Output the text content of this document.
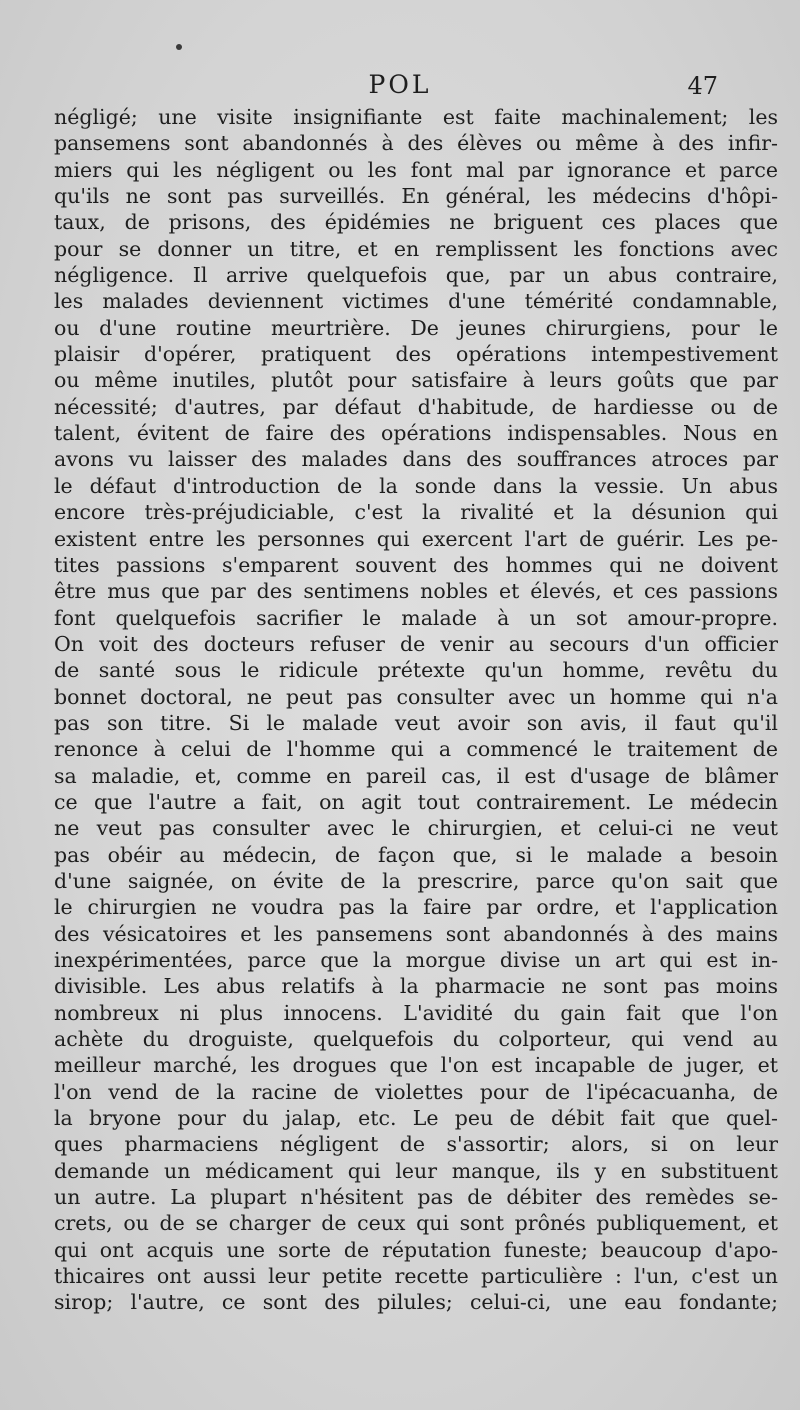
POL	47
négligé; une visite insignifiante est faite machinalement; les
pansemens sont abandonnés à des élèves ou même à des infir-
miers qui les négligent ou les font mal par ignorance et parce
qu'ils ne sont pas surveillés. En général, les médecins d'hôpi-
taux, de prisons, des épidémies ne briguent ces places que
pour se donner un titre, et en remplissent les fonctions avec
négligence. Il arrive quelquefois que, par un abus contraire,
les malades deviennent victimes d'une témérité condamnable,
ou d'une routine meurtrière. De jeunes chirurgiens, pour le
plaisir d'opérer, pratiquent des opérations intempestivement
ou même inutiles, plutôt pour satisfaire à leurs goûts que par
nécessité; d'autres, par défaut d'habitude, de hardiesse ou de
talent, évitent de faire des opérations indispensables. Nous en
avons vu laisser des malades dans des souffrances atroces par
le défaut d'introduction de la sonde dans la vessie. Un abus
encore très-préjudiciable, c'est la rivalité et la désunion qui
existent entre les personnes qui exercent l'art de guérir. Les pe-
tites passions s'emparent souvent des hommes qui ne doivent
être mus que par des sentimens nobles et élevés, et ces passions
font quelquefois sacrifier le malade à un sot amour-propre.
On voit des docteurs refuser de venir au secours d'un officier
de santé sous le ridicule prétexte qu'un homme, revêtu du
bonnet doctoral, ne peut pas consulter avec un homme qui n'a
pas son titre. Si le malade veut avoir son avis, il faut qu'il
renonce à celui de l'homme qui a commencé le traitement de
sa maladie, et, comme en pareil cas, il est d'usage de blâmer
ce que l'autre a fait, on agit tout contrairement. Le médecin
ne veut pas consulter avec le chirurgien, et celui-ci ne veut
pas obéir au médecin, de façon que, si le malade a besoin
d'une saignée, on évite de la prescrire, parce qu'on sait que
le chirurgien ne voudra pas la faire par ordre, et l'application
des vésicatoires et les pansemens sont abandonnés à des mains
inexpérimentées, parce que la morgue divise un art qui est in-
divisible. Les abus relatifs à la pharmacie ne sont pas moins
nombreux ni plus innocens. L'avidité du gain fait que l'on
achète du droguiste, quelquefois du colporteur, qui vend au
meilleur marché, les drogues que l'on est incapable de juger, et
l'on vend de la racine de violettes pour de l'ipécacuanha, de
la bryone pour du jalap, etc. Le peu de débit fait que quel-
ques pharmaciens négligent de s'assortir; alors, si on leur
demande un médicament qui leur manque, ils y en substituent
un autre. La plupart n'hésitent pas de débiter des remèdes se-
crets, ou de se charger de ceux qui sont prônés publiquement, et
qui ont acquis une sorte de réputation funeste; beaucoup d'apo-
thicaires ont aussi leur petite recette particulière : l'un, c'est un
sirop; l'autre, ce sont des pilules; celui-ci, une eau fondante;
